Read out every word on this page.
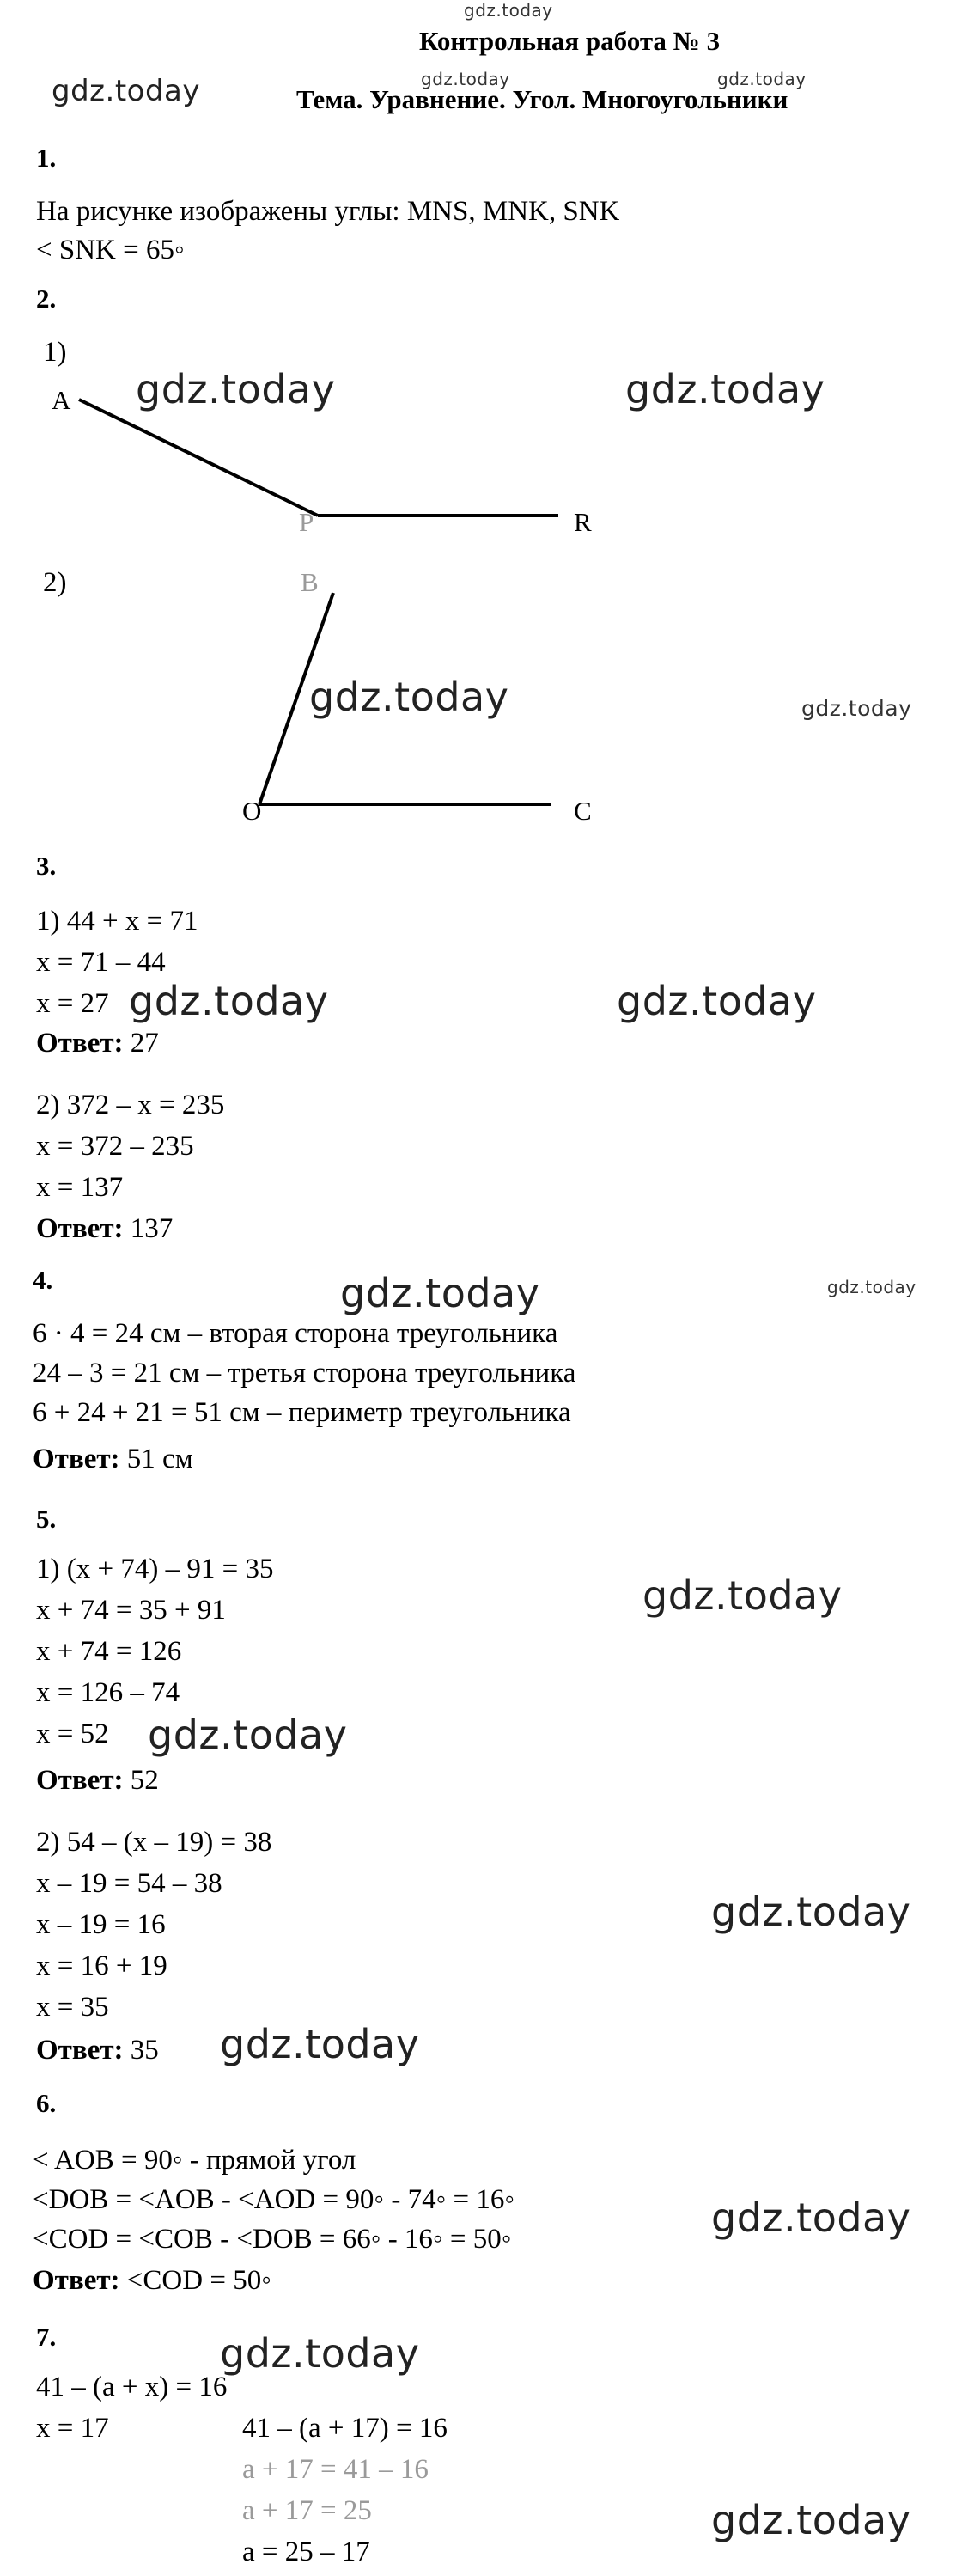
gdz.today
Контрольная работа № 3
gdz.today	gdz.today	gdz.today
Тема. Уравнение. Угол. Многоугольники
1.
На рисунке изображены углы: MNS, MNK, SNK
< SNK = 65◦
2.
1)
A gdz.today	gdz.today
P	R
2)	B
gdz.today	gdz.today
O	C
3.
1) 44 + x = 71
x = 71 – 44
x = 27 gdz.today	gdz.today
Ответ: 27
2) 372 – x = 235
x = 372 – 235
x = 137
Ответ: 137
4.	gdz.today	gdz.today
6 · 4 = 24 см – вторая сторона треугольника
24 – 3 = 21 см – третья сторона треугольника
6 + 24 + 21 = 51 см – периметр треугольника
Ответ: 51 см
5.
1) (x + 74) – 91 = 35
gdz.today
x + 74 = 35 + 91
x + 74 = 126
x = 126 – 74
x = 52 gdz.today
Ответ: 52
2) 54 – (x – 19) = 38
x – 19 = 54 – 38
gdz.today
x – 19 = 16
x = 16 + 19
x = 35
Ответ: 35 gdz.today
6.
< AOB = 90◦ - прямой угол
<DOB = <AOB - <AOD = 90◦ - 74◦ = 16◦	gdz.today
<COD = <COB - <DOB = 66◦ - 16◦ = 50◦
Ответ: <COD = 50◦
7.	gdz.today
41 – (a + x) = 16
x = 17	41 – (a + 17) = 16
a + 17 = 41 – 16
a + 17 = 25	gdz.today
a = 25 – 17
